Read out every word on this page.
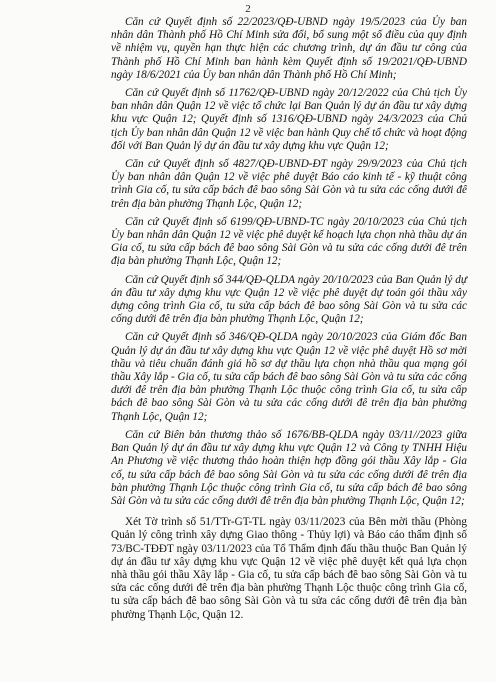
2

Căn cứ Quyết định số 22/2023/QĐ-UBND ngày 19/5/2023 của Ủy ban nhân dân Thành phố Hồ Chí Minh sửa đổi, bổ sung một số điều của quy định về nhiệm vụ, quyền hạn thực hiện các chương trình, dự án đầu tư công của Thành phố Hồ Chí Minh ban hành kèm Quyết định số 19/2021/QĐ-UBND ngày 18/6/2021 của Ủy ban nhân dân Thành phố Hồ Chí Minh;

Căn cứ Quyết định số 11762/QĐ-UBND ngày 20/12/2022 của Chủ tịch Ủy ban nhân dân Quận 12 về việc tổ chức lại Ban Quản lý dự án đầu tư xây dựng khu vực Quận 12; Quyết định số 1316/QĐ-UBND ngày 24/3/2023 của Chủ tịch Ủy ban nhân dân Quận 12 về việc ban hành Quy chế tổ chức và hoạt động đối với Ban Quản lý dự án đầu tư xây dựng khu vực Quận 12;

Căn cứ Quyết định số 4827/QĐ-UBND-ĐT ngày 29/9/2023 của Chủ tịch Ủy ban nhân dân Quận 12 về việc phê duyệt Báo cáo kinh tế - kỹ thuật công trình Gia cố, tu sửa cấp bách đê bao sông Sài Gòn và tu sửa các cống dưới đê trên địa bàn phường Thạnh Lộc, Quận 12;

Căn cứ Quyết định số 6199/QĐ-UBND-TC ngày 20/10/2023 của Chủ tịch Ủy ban nhân dân Quận 12 về việc phê duyệt kế hoạch lựa chọn nhà thầu dự án Gia cố, tu sửa cấp bách đê bao sông Sài Gòn và tu sửa các cống dưới đê trên địa bàn phường Thạnh Lộc, Quận 12;

Căn cứ Quyết định số 344/QĐ-QLDA ngày 20/10/2023 của Ban Quản lý dự án đầu tư xây dựng khu vực Quận 12 về việc phê duyệt dự toán gói thầu xây dựng công trình Gia cố, tu sửa cấp bách đê bao sông Sài Gòn và tu sửa các cống dưới đê trên địa bàn phường Thạnh Lộc, Quận 12;

Căn cứ Quyết định số 346/QĐ-QLDA ngày 20/10/2023 của Giám đốc Ban Quản lý dự án đầu tư xây dựng khu vực Quận 12 về việc phê duyệt Hồ sơ mời thầu và tiêu chuẩn đánh giá hồ sơ dự thầu lựa chọn nhà thầu qua mạng gói thầu Xây lắp - Gia cố, tu sửa cấp bách đê bao sông Sài Gòn và tu sửa các cống dưới đê trên địa bàn phường Thạnh Lộc thuộc công trình Gia cố, tu sửa cấp bách đê bao sông Sài Gòn và tu sửa các cống dưới đê trên địa bàn phường Thạnh Lộc, Quận 12;

Căn cứ Biên bản thương thảo số 1676/BB-QLDA ngày 03/11//2023 giữa Ban Quản lý dự án đầu tư xây dựng khu vực Quận 12 và Công ty TNHH Hiệu An Phương về việc thương thảo hoàn thiện hợp đồng gói thầu Xây lắp - Gia cố, tu sửa cấp bách đê bao sông Sài Gòn và tu sửa các cống dưới đê trên địa bàn phường Thạnh Lộc thuộc công trình Gia cố, tu sửa cấp bách đê bao sông Sài Gòn và tu sửa các cống dưới đê trên địa bàn phường Thạnh Lộc, Quận 12;

Xét Tờ trình số 51/TTr-GT-TL ngày 03/11/2023 của Bên mời thầu (Phòng Quản lý công trình xây dựng Giao thông - Thủy lợi) và Báo cáo thẩm định số 73/BC-TĐĐT ngày 03/11/2023 của Tổ Thẩm định đấu thầu thuộc Ban Quản lý dự án đầu tư xây dựng khu vực Quận 12 về việc phê duyệt kết quả lựa chọn nhà thầu gói thầu Xây lắp - Gia cố, tu sửa cấp bách đê bao sông Sài Gòn và tu sửa các cống dưới đê trên địa bàn phường Thạnh Lộc thuộc công trình Gia cố, tu sửa cấp bách đê bao sông Sài Gòn và tu sửa các cống dưới đê trên địa bàn phường Thạnh Lộc, Quận 12.
